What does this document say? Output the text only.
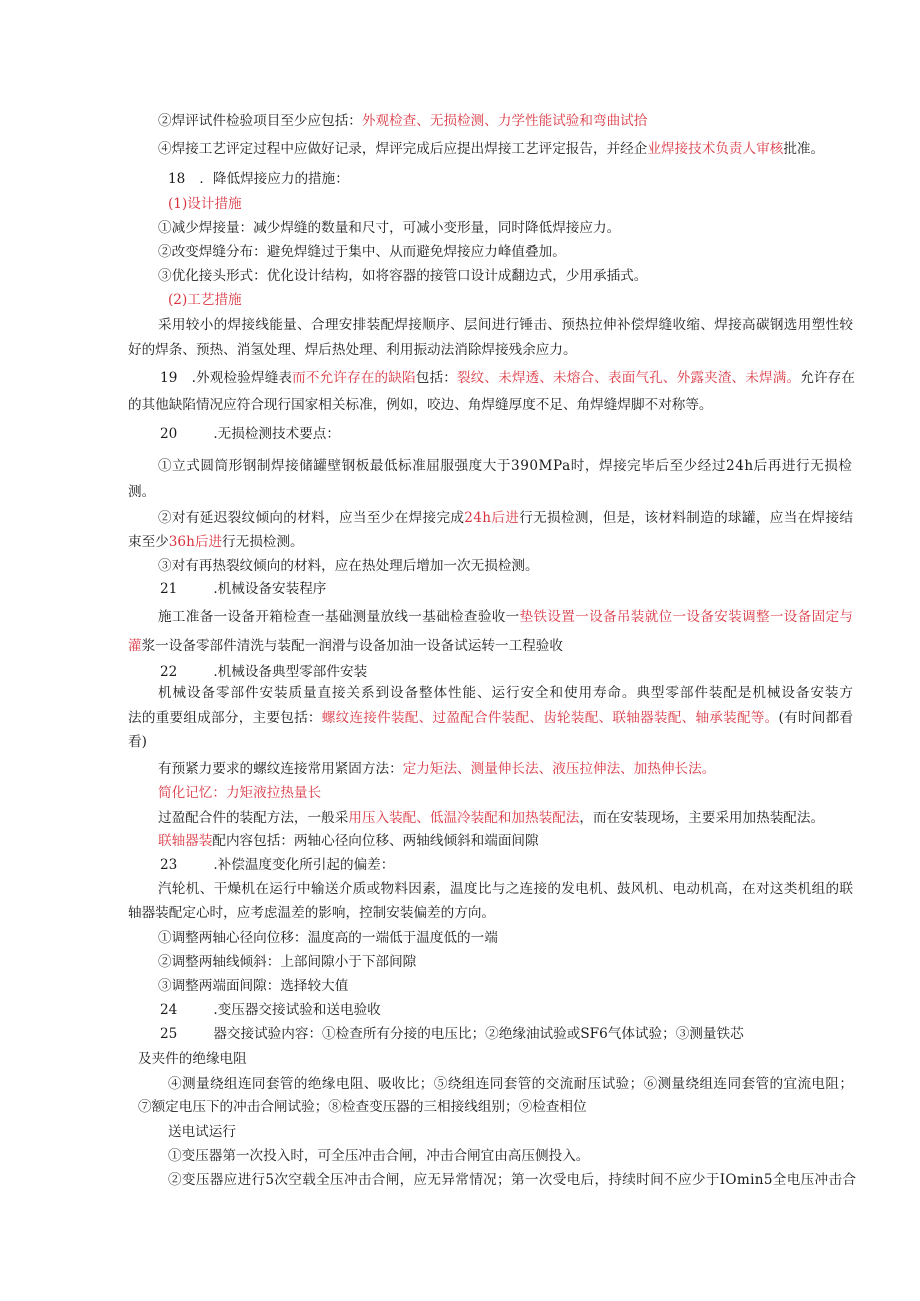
②焊评试件检验项目至少应包括：外观检查、无损检测、力学性能试验和弯曲试拾
④焊接工艺评定过程中应做好记录，焊评完成后应提出焊接工艺评定报告，并经企业焊接技术负责人审核批准。
18 ．降低焊接应力的措施：
(1)设计措施
①减少焊接量：减少焊缝的数量和尺寸，可减小变形量，同时降低焊接应力。
②改变焊缝分布：避免焊缝过于集中、从而避免焊接应力峰值叠加。
③优化接头形式：优化设计结构，如将容器的接管口设计成翻边式，少用承插式。
(2)工艺措施
采用较小的焊接线能量、合理安排装配焊接顺序、层间进行锤击、预热拉伸补偿焊缝收缩、焊接高碳钢选用塑性较
好的焊条、预热、消氢处理、焊后热处理、利用振动法消除焊接残余应力。
19 .外观检验焊缝表而不允许存在的缺陷包括：裂纹、未焊透、未熔合、表面气孔、外露夹渣、未焊满。允许存在
的其他缺陷情况应符合现行国家相关标准，例如，咬边、角焊缝厚度不足、角焊缝焊脚不对称等。
20	.无损检测技术要点：
①立式圆筒形钢制焊接储罐壁钢板最低标准屈服强度大于390MPa时，焊接完毕后至少经过24h后再进行无损检
测。
②对有延迟裂纹倾向的材料，应当至少在焊接完成24h后进行无损检测，但是，该材料制造的球罐，应当在焊接结
束至少36h后进行无损检测。
③对有再热裂纹倾向的材料，应在热处理后增加一次无损检测。
21	.机械设备安装程序
施工准备一设备开箱检查一基础测量放线一基础检查验收一垫铁设置一设备吊装就位一设备安装调整一设备固定与
灌浆一设备零部件清洗与装配一润滑与设备加油一设备试运转一工程验收
22	.机械设备典型零部件安装
机械设备零部件安装质量直接关系到设备整体性能、运行安全和使用寿命。典型零部件装配是机械设备安装方
法的重要组成部分，主要包括：螺纹连接件装配、过盈配合件装配、齿轮装配、联轴器装配、轴承装配等。(有时间都看
看)
有预紧力要求的螺纹连接常用紧固方法：定力矩法、测量伸长法、液压拉伸法、加热伸长法。
简化记忆：力矩液拉热量长
过盈配合件的装配方法，一般采用压入装配、低温冷装配和加热装配法，而在安装现场，主要采用加热装配法。
联轴器装配内容包括：两轴心径向位移、两轴线倾斜和端面间隙
23	.补偿温度变化所引起的偏差：
汽轮机、干燥机在运行中输送介质或物料因素，温度比与之连接的发电机、鼓风机、电动机高，在对这类机组的联
轴器装配定心时，应考虑温差的影响，控制安装偏差的方向。
①调整两轴心径向位移：温度高的一端低于温度低的一端
②调整两轴线倾斜：上部间隙小于下部间隙
③调整两端面间隙：选择较大值
24	.变压器交接试验和送电验收
25	器交接试验内容：①检查所有分接的电压比；②绝缘油试验或SF6气体试验；③测量铁芯
及夹件的绝缘电阻
④测量绕组连同套管的绝缘电阻、吸收比；⑤绕组连同套管的交流耐压试验；⑥测量绕组连同套管的宜流电阻；
⑦额定电压下的冲击合闸试验；⑧检查变压器的三相接线组别；⑨检查相位
送电试运行
①变压器第一次投入时，可全压冲击合闸，冲击合闸宜由高压侧投入。
②变压器应进行5次空载全压冲击合闸，应无异常情况；第一次受电后，持续时间不应少于IOmin5全电压冲击合
